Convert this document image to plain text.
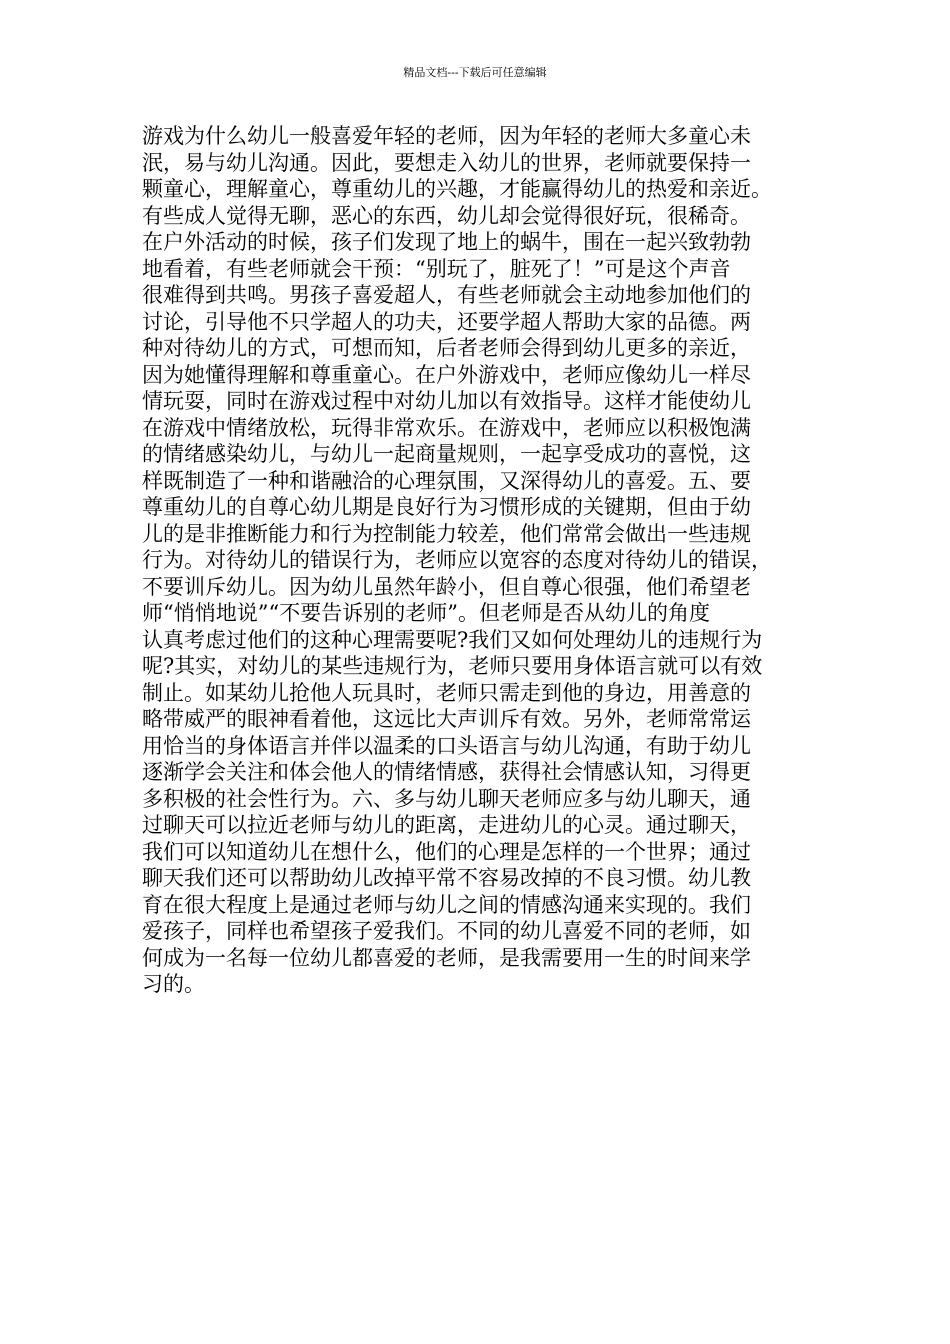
精品文档---下载后可任意编辑
游戏为什么幼儿一般喜爱年轻的老师，因为年轻的老师大多童心未
泯，易与幼儿沟通。因此，要想走入幼儿的世界，老师就要保持一
颗童心，理解童心，尊重幼儿的兴趣，才能赢得幼儿的热爱和亲近。
有些成人觉得无聊，恶心的东西，幼儿却会觉得很好玩，很稀奇。
在户外活动的时候，孩子们发现了地上的蜗牛，围在一起兴致勃勃
地看着，有些老师就会干预：“别玩了，脏死了！”可是这个声音
很难得到共鸣。男孩子喜爱超人，有些老师就会主动地参加他们的
讨论，引导他不只学超人的功夫，还要学超人帮助大家的品德。两
种对待幼儿的方式，可想而知，后者老师会得到幼儿更多的亲近，
因为她懂得理解和尊重童心。在户外游戏中，老师应像幼儿一样尽
情玩耍，同时在游戏过程中对幼儿加以有效指导。这样才能使幼儿
在游戏中情绪放松，玩得非常欢乐。在游戏中，老师应以积极饱满
的情绪感染幼儿，与幼儿一起商量规则，一起享受成功的喜悦，这
样既制造了一种和谐融洽的心理氛围，又深得幼儿的喜爱。五、要
尊重幼儿的自尊心幼儿期是良好行为习惯形成的关键期，但由于幼
儿的是非推断能力和行为控制能力较差，他们常常会做出一些违规
行为。对待幼儿的错误行为，老师应以宽容的态度对待幼儿的错误，
不要训斥幼儿。因为幼儿虽然年龄小，但自尊心很强，他们希望老
师“悄悄地说”“不要告诉别的老师”。但老师是否从幼儿的角度
认真考虑过他们的这种心理需要呢?我们又如何处理幼儿的违规行为
呢?其实，对幼儿的某些违规行为，老师只要用身体语言就可以有效
制止。如某幼儿抢他人玩具时，老师只需走到他的身边，用善意的
略带威严的眼神看着他，这远比大声训斥有效。另外，老师常常运
用恰当的身体语言并伴以温柔的口头语言与幼儿沟通，有助于幼儿
逐渐学会关注和体会他人的情绪情感，获得社会情感认知，习得更
多积极的社会性行为。六、多与幼儿聊天老师应多与幼儿聊天，通
过聊天可以拉近老师与幼儿的距离，走进幼儿的心灵。通过聊天，
我们可以知道幼儿在想什么，他们的心理是怎样的一个世界；通过
聊天我们还可以帮助幼儿改掉平常不容易改掉的不良习惯。幼儿教
育在很大程度上是通过老师与幼儿之间的情感沟通来实现的。我们
爱孩子，同样也希望孩子爱我们。不同的幼儿喜爱不同的老师，如
何成为一名每一位幼儿都喜爱的老师，是我需要用一生的时间来学
习的。
